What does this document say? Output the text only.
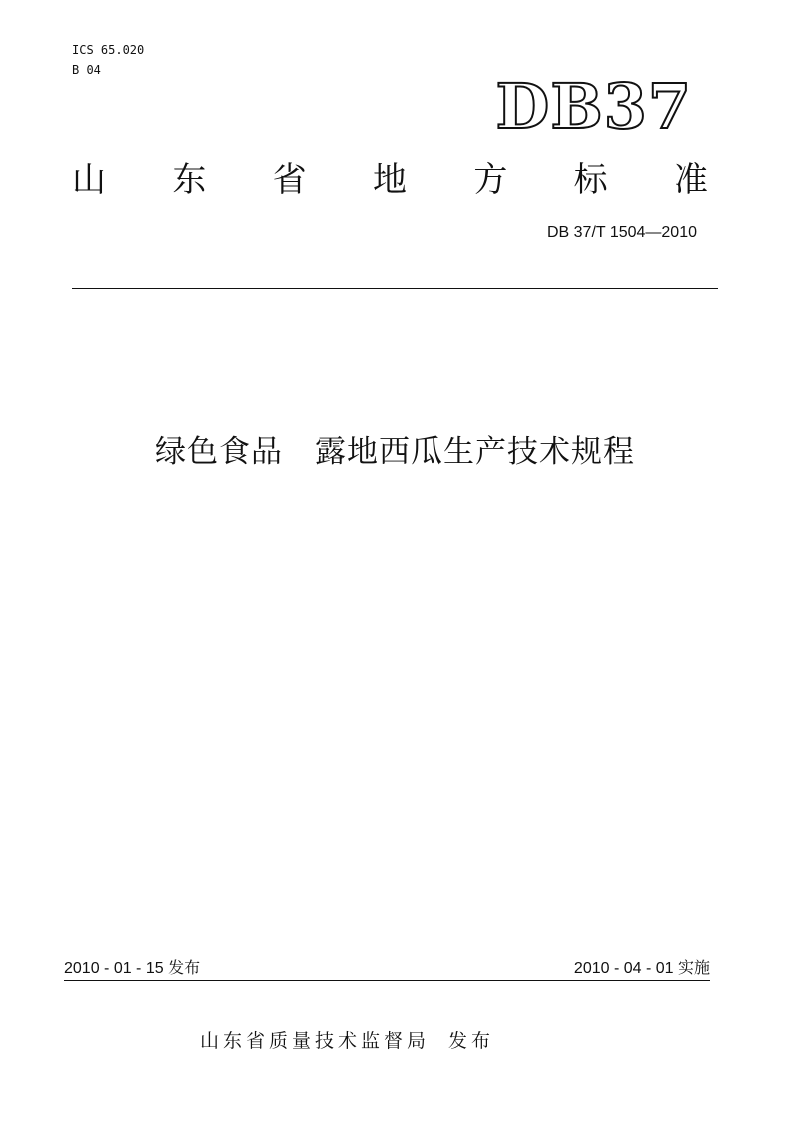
ICS 65.020
B 04	DB37
山 东 省 地 方 标 准
DB 37/T 1504—2010
绿色食品　露地西瓜生产技术规程
2010 - 01 - 15 发布	2010 - 04 - 01 实施
山东省质量技术监督局 发布
